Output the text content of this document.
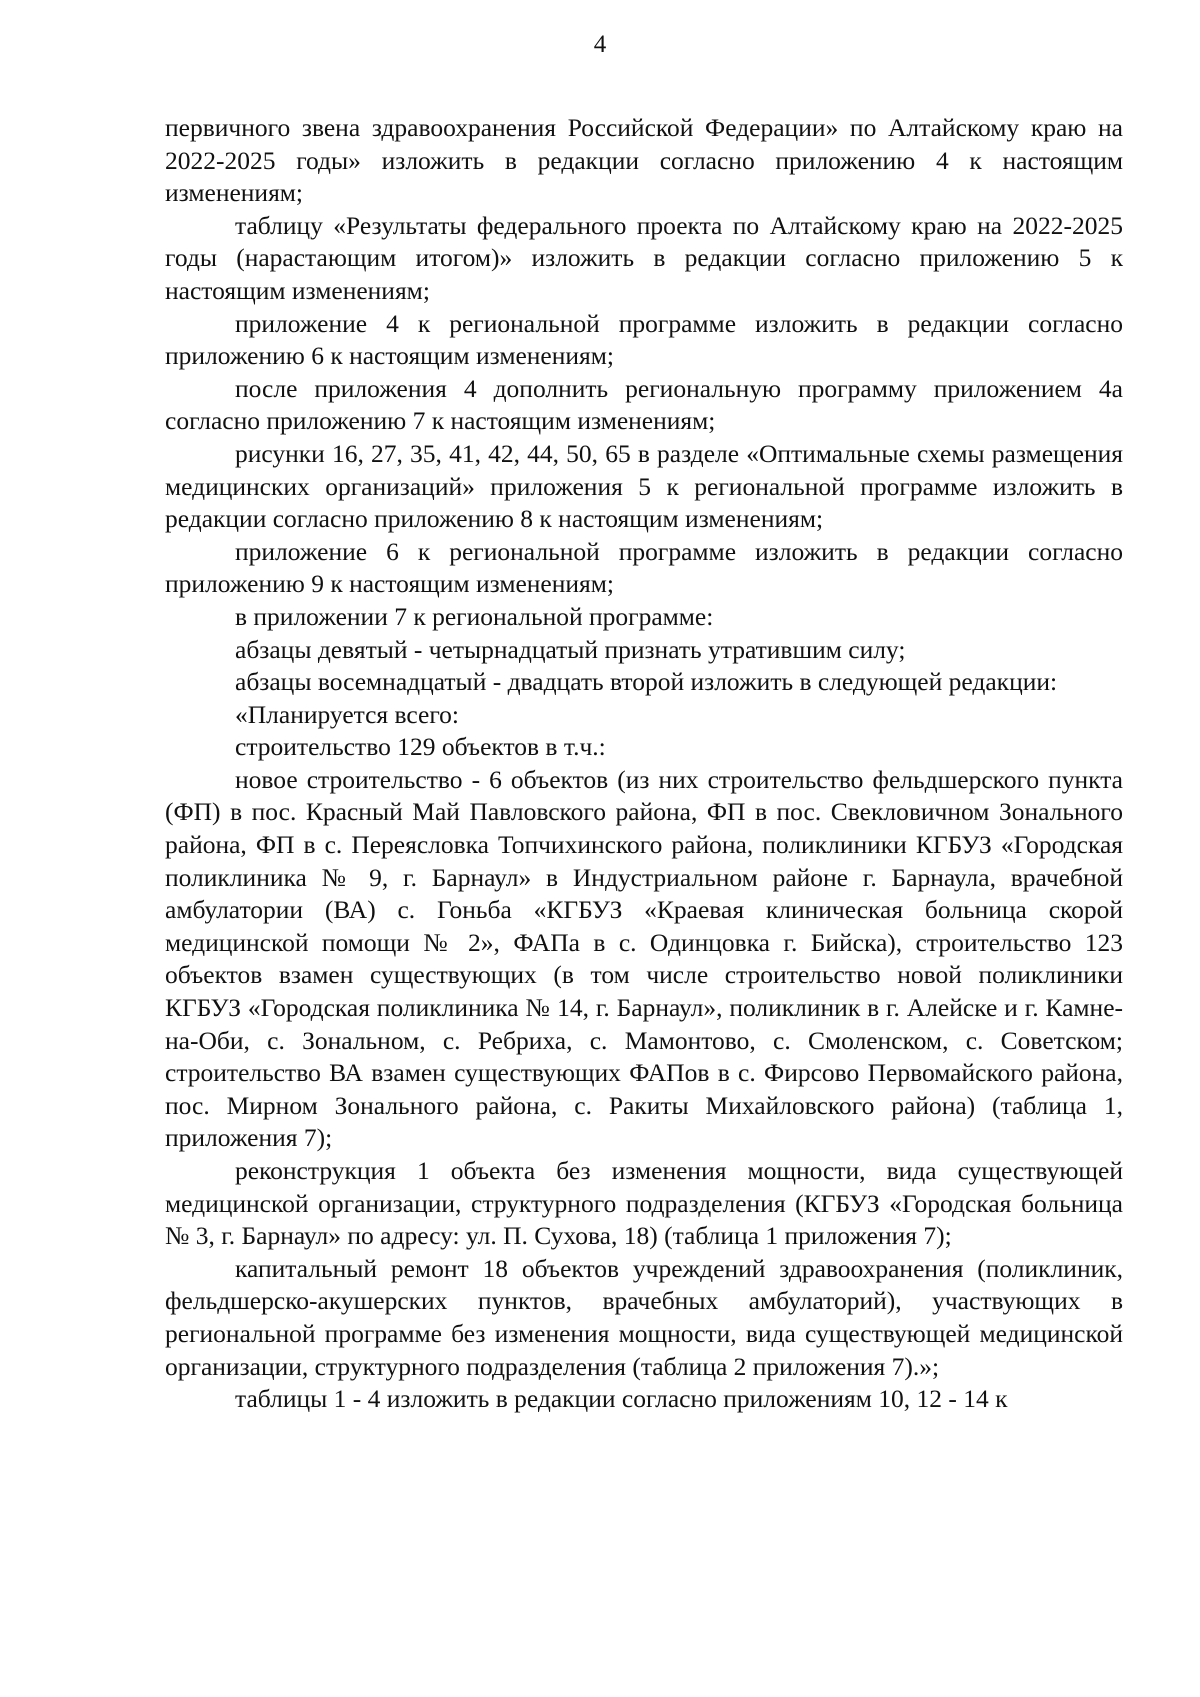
4

первичного звена здравоохранения Российской Федерации» по Алтайскому краю на 2022-2025 годы» изложить в редакции согласно приложению 4 к настоящим изменениям;

таблицу «Результаты федерального проекта по Алтайскому краю на 2022-2025 годы (нарастающим итогом)» изложить в редакции согласно приложению 5 к настоящим изменениям;

приложение 4 к региональной программе изложить в редакции согласно приложению 6 к настоящим изменениям;

после приложения 4 дополнить региональную программу приложением 4а согласно приложению 7 к настоящим изменениям;

рисунки 16, 27, 35, 41, 42, 44, 50, 65 в разделе «Оптимальные схемы размещения медицинских организаций» приложения 5 к региональной программе изложить в редакции согласно приложению 8 к настоящим изменениям;

приложение 6 к региональной программе изложить в редакции согласно приложению 9 к настоящим изменениям;

в приложении 7 к региональной программе:

абзацы девятый - четырнадцатый признать утратившим силу;

абзацы восемнадцатый - двадцать второй изложить в следующей редакции:

«Планируется всего:

строительство 129 объектов в т.ч.:

новое строительство - 6 объектов (из них строительство фельдшерского пункта (ФП) в пос. Красный Май Павловского района, ФП в пос. Свекловичном Зонального района, ФП в с. Переясловка Топчихинского района, поликлиники КГБУЗ «Городская поликлиника № 9, г. Барнаул» в Индустриальном районе г. Барнаула, врачебной амбулатории (ВА) с. Гоньба «КГБУЗ «Краевая клиническая больница скорой медицинской помощи № 2», ФАПа в с. Одинцовка г. Бийска), строительство 123 объектов взамен существующих (в том числе строительство новой поликлиники КГБУЗ «Городская поликлиника № 14, г. Барнаул», поликлиник в г. Алейске и г. Камне-на-Оби, с. Зональном, с. Ребриха, с. Мамонтово, с. Смоленском, с. Советском; строительство ВА взамен существующих ФАПов в с. Фирсово Первомайского района, пос. Мирном Зонального района, с. Ракиты Михайловского района) (таблица 1, приложения 7);

реконструкция 1 объекта без изменения мощности, вида существующей медицинской организации, структурного подразделения (КГБУЗ «Городская больница № 3, г. Барнаул» по адресу: ул. П. Сухова, 18) (таблица 1 приложения 7);

капитальный ремонт 18 объектов учреждений здравоохранения (поликлиник, фельдшерско-акушерских пунктов, врачебных амбулаторий), участвующих в региональной программе без изменения мощности, вида существующей медицинской организации, структурного подразделения (таблица 2 приложения 7).»;

таблицы 1 - 4 изложить в редакции согласно приложениям 10, 12 - 14 к
